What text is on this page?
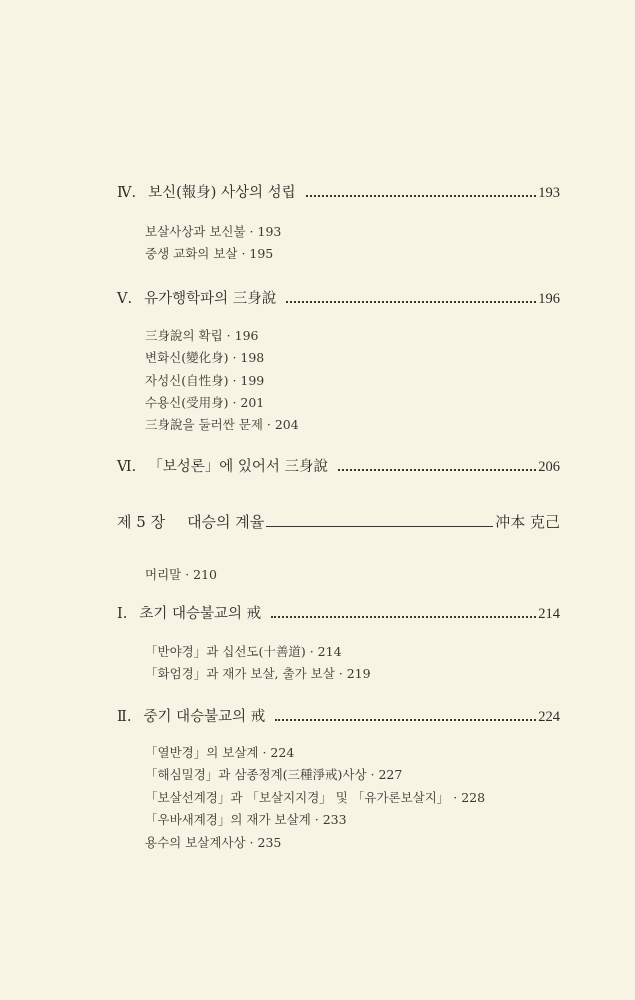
Ⅳ. 보신(報身) 사상의 성립	193
보살사상과 보신불 · 193
중생 교화의 보살 · 195
Ⅴ. 유가행학파의 三身說	196
三身說의 확립 · 196
변화신(變化身) · 198
자성신(自性身) · 199
수용신(受用身) · 201
三身說을 둘러싼 문제 · 204
Ⅵ. 「보성론」에 있어서 三身說	206
제 5 장 대승의 계율	冲本 克己
머리말 · 210
Ⅰ. 초기 대승불교의 戒	214
「반야경」과 십선도(十善道) · 214
「화엄경」과 재가 보살, 출가 보살 · 219
Ⅱ. 중기 대승불교의 戒	224
「열반경」의 보살계 · 224
「해심밀경」과 삼종정계(三種淨戒)사상 · 227
「보살선계경」과 「보살지지경」 및 「유가론보살지」 · 228
「우바새계경」의 재가 보살계 · 233
용수의 보살계사상 · 235
